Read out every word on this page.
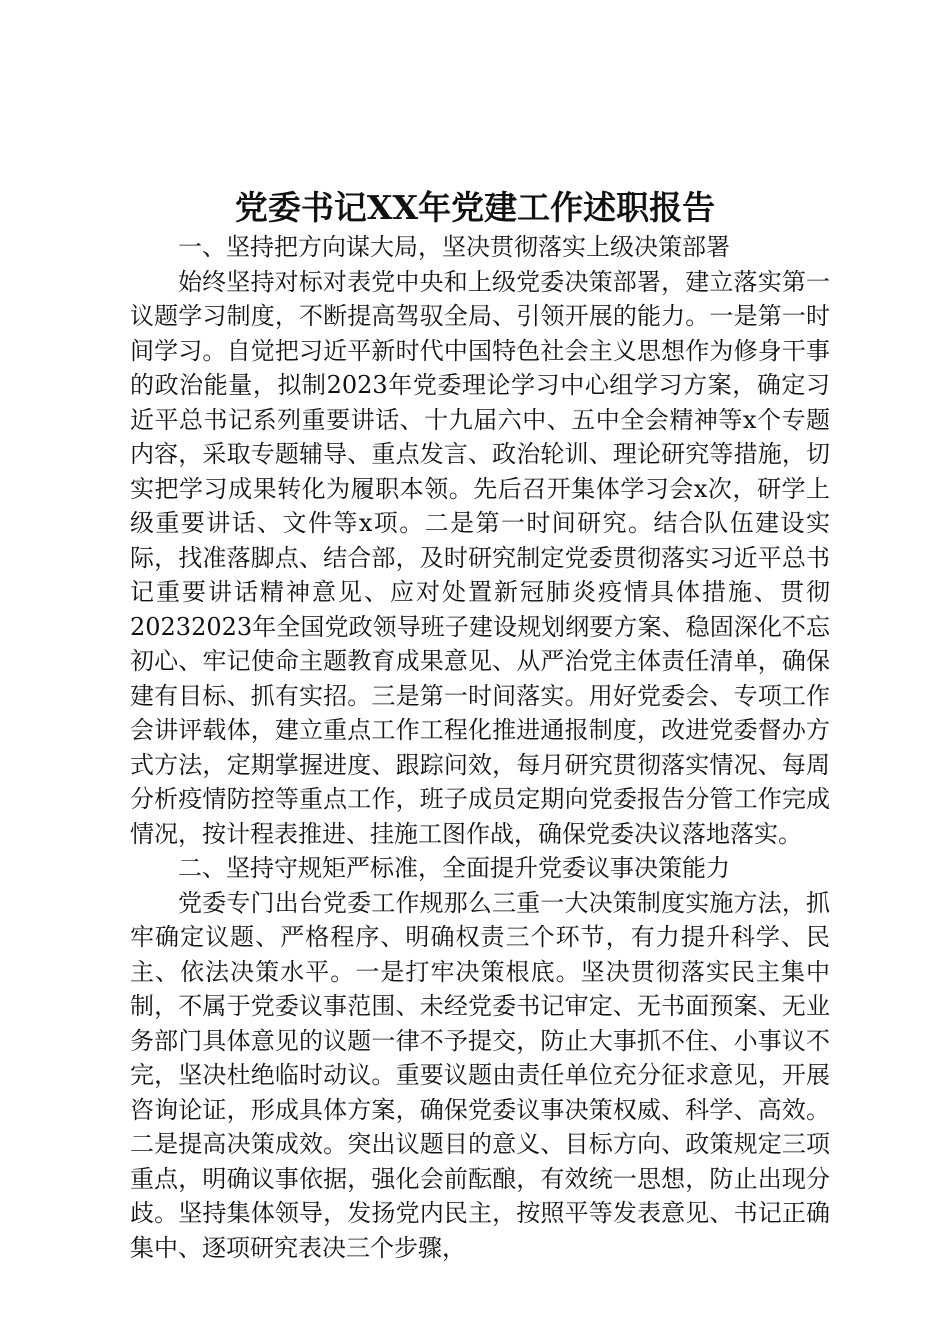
党委书记XX年党建工作述职报告

一、坚持把方向谋大局，坚决贯彻落实上级决策部署

始终坚持对标对表党中央和上级党委决策部署，建立落实第一议题学习制度，不断提高驾驭全局、引领开展的能力。一是第一时间学习。自觉把习近平新时代中国特色社会主义思想作为修身干事的政治能量，拟制2023年党委理论学习中心组学习方案，确定习近平总书记系列重要讲话、十九届六中、五中全会精神等x个专题内容，采取专题辅导、重点发言、政治轮训、理论研究等措施，切实把学习成果转化为履职本领。先后召开集体学习会x次，研学上级重要讲话、文件等x项。二是第一时间研究。结合队伍建设实际，找准落脚点、结合部，及时研究制定党委贯彻落实习近平总书记重要讲话精神意见、应对处置新冠肺炎疫情具体措施、贯彻20232023年全国党政领导班子建设规划纲要方案、稳固深化不忘初心、牢记使命主题教育成果意见、从严治党主体责任清单，确保建有目标、抓有实招。三是第一时间落实。用好党委会、专项工作会讲评载体，建立重点工作工程化推进通报制度，改进党委督办方式方法，定期掌握进度、跟踪问效，每月研究贯彻落实情况、每周分析疫情防控等重点工作，班子成员定期向党委报告分管工作完成情况，按计程表推进、挂施工图作战，确保党委决议落地落实。

二、坚持守规矩严标准，全面提升党委议事决策能力

党委专门出台党委工作规那么三重一大决策制度实施方法，抓牢确定议题、严格程序、明确权责三个环节，有力提升科学、民主、依法决策水平。一是打牢决策根底。坚决贯彻落实民主集中制，不属于党委议事范围、未经党委书记审定、无书面预案、无业务部门具体意见的议题一律不予提交，防止大事抓不住、小事议不完，坚决杜绝临时动议。重要议题由责任单位充分征求意见，开展咨询论证，形成具体方案，确保党委议事决策权威、科学、高效。二是提高决策成效。突出议题目的意义、目标方向、政策规定三项重点，明确议事依据，强化会前酝酿，有效统一思想，防止出现分歧。坚持集体领导，发扬党内民主，按照平等发表意见、书记正确集中、逐项研究表决三个步骤，
